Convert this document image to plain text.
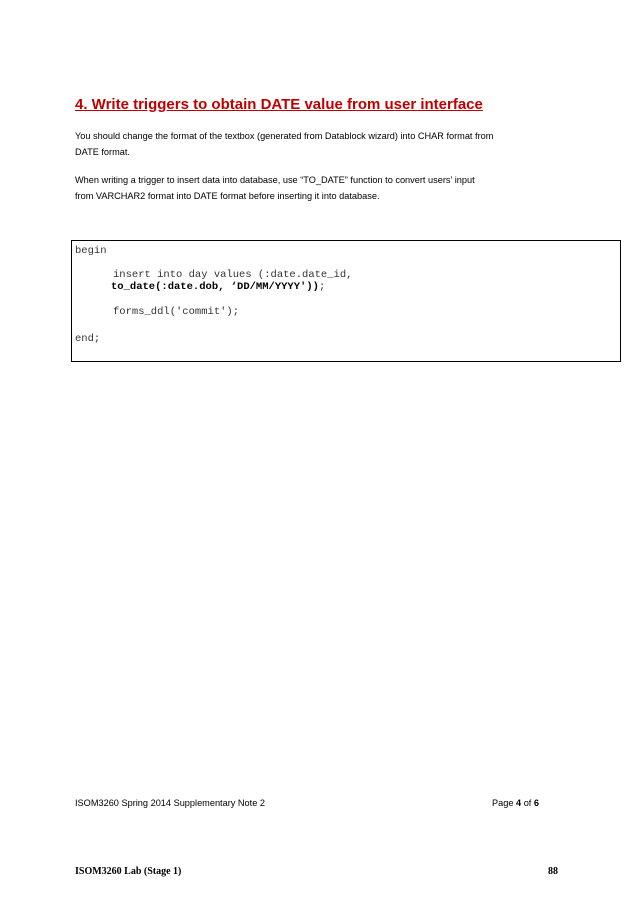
4. Write triggers to obtain DATE value from user interface
You should change the format of the textbox (generated from Datablock wizard) into CHAR format from
DATE format.
When writing a trigger to insert data into database, use “TO_DATE” function to convert users’ input
from VARCHAR2 format into DATE format before inserting it into database.
begin
insert into day values (:date.date_id,
to_date(:date.dob, ‘DD/MM/YYYY'));
forms_ddl('commit');
end;
ISOM3260 Spring 2014 Supplementary Note 2	Page 4 of 6
ISOM3260 Lab (Stage 1)	88
